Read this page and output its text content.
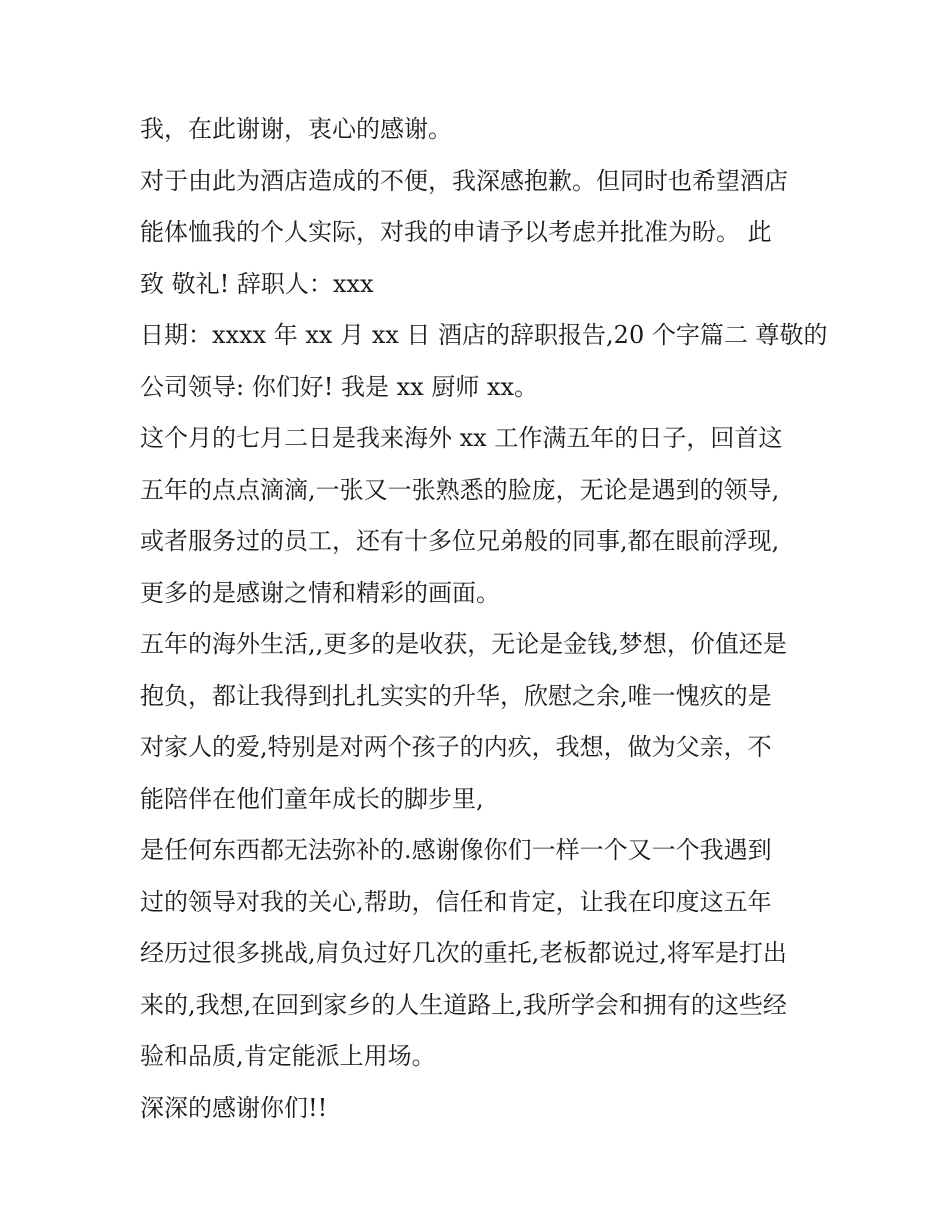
我，在此谢谢，衷心的感谢。
对于由此为酒店造成的不便，我深感抱歉。但同时也希望酒店
能体恤我的个人实际，对我的申请予以考虑并批准为盼。 此
致 敬礼! 辞职人：xxx
日期：xxxx 年 xx 月 xx 日 酒店的辞职报告,20 个字篇二 尊敬的
公司领导: 你们好! 我是 xx 厨师 xx。
这个月的七月二日是我来海外 xx 工作满五年的日子，回首这
五年的点点滴滴,一张又一张熟悉的脸庞，无论是遇到的领导,
或者服务过的员工，还有十多位兄弟般的同事,都在眼前浮现,
更多的是感谢之情和精彩的画面。
五年的海外生活,,更多的是收获，无论是金钱,梦想，价值还是
抱负，都让我得到扎扎实实的升华，欣慰之余,唯一愧疚的是
对家人的爱,特别是对两个孩子的内疚，我想，做为父亲，不
能陪伴在他们童年成长的脚步里,
是任何东西都无法弥补的.感谢像你们一样一个又一个我遇到
过的领导对我的关心,帮助，信任和肯定，让我在印度这五年
经历过很多挑战,肩负过好几次的重托,老板都说过,将军是打出
来的,我想,在回到家乡的人生道路上,我所学会和拥有的这些经
验和品质,肯定能派上用场。
深深的感谢你们!!
